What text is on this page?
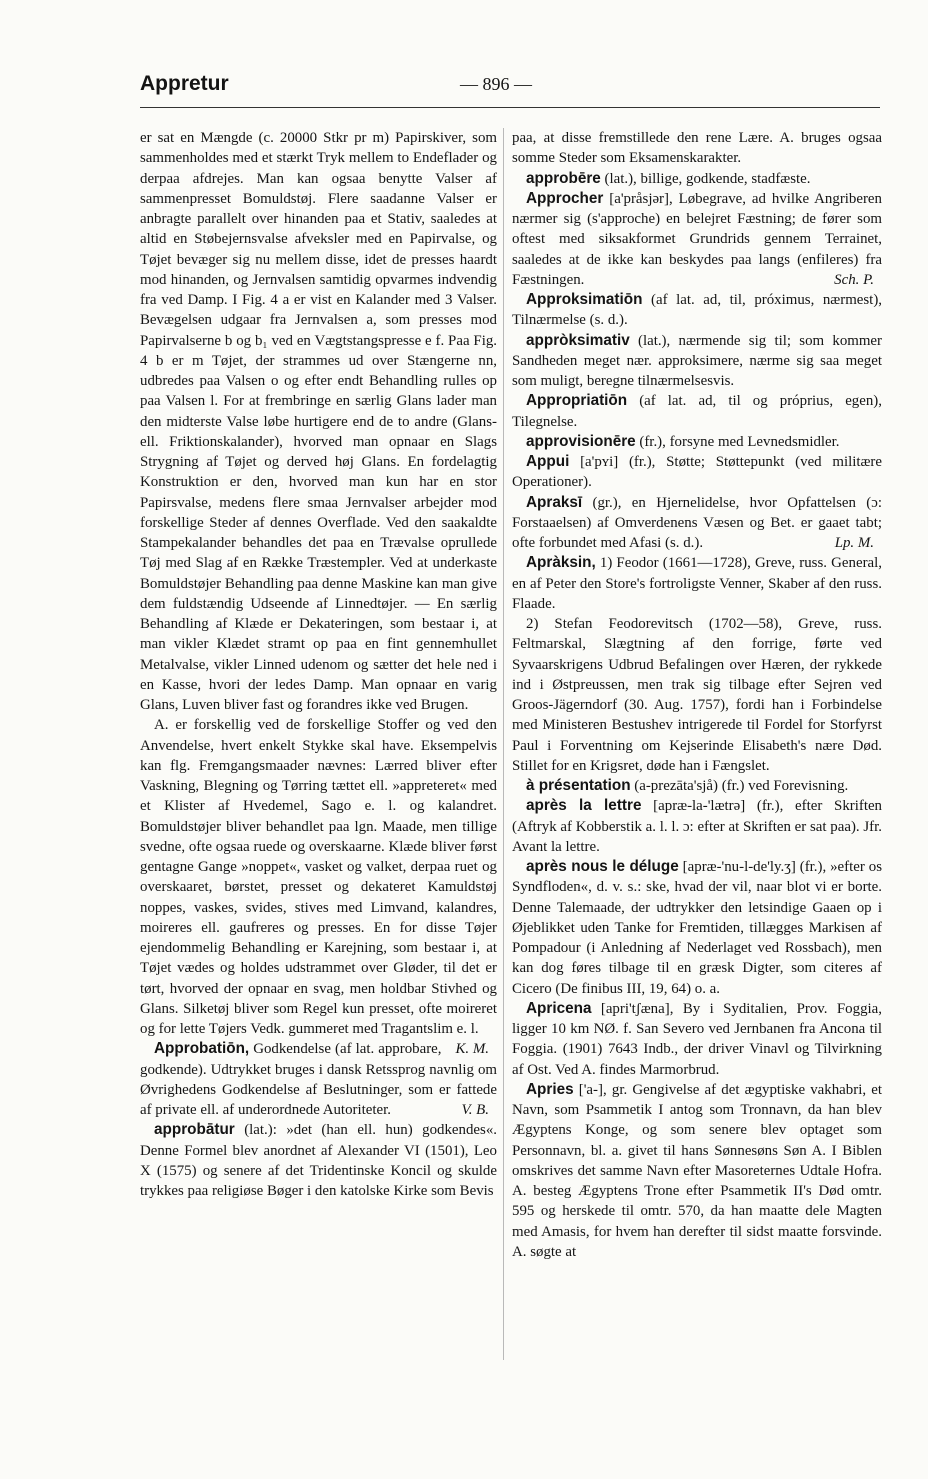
Appretur	— 896 —

er sat en Mængde (c. 20000 Stkr pr m) Papirskiver, som sammenholdes med et stærkt Tryk mellem to Endeflader og derpaa afdrejes. Man kan ogsaa benytte Valser af sammenpresset Bomuldstøj. Flere saadanne Valser er anbragte parallelt over hinanden paa et Stativ, saaledes at altid en Støbejernsvalse afveksler med en Papirvalse, og Tøjet bevæger sig nu mellem disse, idet de presses haardt mod hinanden, og Jernvalsen samtidig opvarmes indvendig fra ved Damp. I Fig. 4 a er vist en Kalander med 3 Valser. Bevægelsen udgaar fra Jernvalsen a, som presses mod Papirvalserne b og b₁ ved en Vægtstangspresse e f. Paa Fig. 4 b er m Tøjet, der strammes ud over Stængerne nn, udbredes paa Valsen o og efter endt Behandling rulles op paa Valsen l. For at frembringe en særlig Glans lader man den midterste Valse løbe hurtigere end de to andre (Glans- ell. Friktionskalander), hvorved man opnaar en Slags Strygning af Tøjet og derved høj Glans. En fordelagtig Konstruktion er den, hvorved man kun har en stor Papirsvalse, medens flere smaa Jernvalser arbejder mod forskellige Steder af dennes Overflade. Ved den saakaldte Stampekalander behandles det paa en Trævalse oprullede Tøj med Slag af en Række Træstempler. Ved at underkaste Bomuldstøjer Behandling paa denne Maskine kan man give dem fuldstændig Udseende af Linnedtøjer. — En særlig Behandling af Klæde er Dekateringen, som bestaar i, at man vikler Klædet stramt op paa en fint gennemhullet Metalvalse, vikler Linned udenom og sætter det hele ned i en Kasse, hvori der ledes Damp. Man opnaar en varig Glans, Luven bliver fast og forandres ikke ved Brugen.

A. er forskellig ved de forskellige Stoffer og ved den Anvendelse, hvert enkelt Stykke skal have. Eksempelvis kan flg. Fremgangsmaader nævnes: Lærred bliver efter Vaskning, Blegning og Tørring tættet ell. »appreteret« med et Klister af Hvedemel, Sago e. l. og kalandret. Bomuldstøjer bliver behandlet paa lgn. Maade, men tillige svedne, ofte ogsaa ruede og overskaarne. Klæde bliver først gentagne Gange »noppet«, vasket og valket, derpaa ruet og overskaaret, børstet, presset og dekateret Kamuldstøj noppes, vaskes, svides, stives med Limvand, kalandres, moireres ell. gaufreres og presses. En for disse Tøjer ejendommelig Behandling er Karejning, som bestaar i, at Tøjet vædes og holdes udstrammet over Gløder, til det er tørt, hvorved der opnaar en svag, men holdbar Stivhed og Glans. Silketøj bliver som Regel kun presset, ofte moireret og for lette Tøjers Vedk. gummeret med Tragantslim e. l.
K. M.

Approbatiōn, Godkendelse (af lat. approbare, godkende). Udtrykket bruges i dansk Retssprog navnlig om Øvrighedens Godkendelse af Beslutninger, som er fattede af private ell. af underordnede Autoriteter.	V. B.

approbātur (lat.): »det (han ell. hun) godkendes«. Denne Formel blev anordnet af Alexander VI (1501), Leo X (1575) og senere af det Tridentinske Koncil og skulde trykkes paa religiøse Bøger i den katolske Kirke som Bevis

paa, at disse fremstillede den rene Lære. A. bruges ogsaa somme Steder som Eksamenskarakter.

approbēre (lat.), billige, godkende, stadfæste.

Approcher [a'pråsjər], Løbegrave, ad hvilke Angriberen nærmer sig (s'approche) en belejret Fæstning; de fører som oftest med siksakformet Grundrids gennem Terrainet, saaledes at de ikke kan beskydes paa langs (enfileres) fra Fæstningen.	Sch. P.

Approksimatiōn (af lat. ad, til, próximus, nærmest), Tilnærmelse (s. d.).

appròksimativ (lat.), nærmende sig til; som kommer Sandheden meget nær. approksimere, nærme sig saa meget som muligt, beregne tilnærmelsesvis.

Appropriatiōn (af lat. ad, til og próprius, egen), Tilegnelse.

approvisionēre (fr.), forsyne med Levnedsmidler.

Appui [a'pʏi] (fr.), Støtte; Støttepunkt (ved militære Operationer).

Apraksī (gr.), en Hjernelidelse, hvor Opfattelsen (ɔ: Forstaaelsen) af Omverdenens Væsen og Bet. er gaaet tabt; ofte forbundet med Afasi (s. d.).	Lp. M.

Apràksin, 1) Feodor (1661—1728), Greve, russ. General, en af Peter den Store's fortroligste Venner, Skaber af den russ. Flaade.

2) Stefan Feodorevitsch (1702—58), Greve, russ. Feltmarskal, Slægtning af den forrige, førte ved Syvaarskrigens Udbrud Befalingen over Hæren, der rykkede ind i Østpreussen, men trak sig tilbage efter Sejren ved Groos-Jägerndorf (30. Aug. 1757), fordi han i Forbindelse med Ministeren Bestushev intrigerede til Fordel for Storfyrst Paul i Forventning om Kejserinde Elisabeth's nære Død. Stillet for en Krigsret, døde han i Fængslet.

à présentation (a-prezāta'sjå) (fr.) ved Forevisning.

après la lettre [apræ-la-'lætrə] (fr.), efter Skriften (Aftryk af Kobberstik a. l. l. ɔ: efter at Skriften er sat paa). Jfr. Avant la lettre.

après nous le déluge [apræ-'nu-l-de'ly.ʒ] (fr.), »efter os Syndfloden«, d. v. s.: ske, hvad der vil, naar blot vi er borte. Denne Talemaade, der udtrykker den letsindige Gaaen op i Øjeblikket uden Tanke for Fremtiden, tillægges Markisen af Pompadour (i Anledning af Nederlaget ved Rossbach), men kan dog føres tilbage til en græsk Digter, som citeres af Cicero (De finibus III, 19, 64) o. a.

Apricena [apri'tʃæna], By i Syditalien, Prov. Foggia, ligger 10 km NØ. f. San Severo ved Jernbanen fra Ancona til Foggia. (1901) 7643 Indb., der driver Vinavl og Tilvirkning af Ost. Ved A. findes Marmorbrud.

Apries ['a-], gr. Gengivelse af det ægyptiske vakhabri, et Navn, som Psammetik I antog som Tronnavn, da han blev Ægyptens Konge, og som senere blev optaget som Personnavn, bl. a. givet til hans Sønnesøns Søn A. I Biblen omskrives det samme Navn efter Masoreternes Udtale Hofra. A. besteg Ægyptens Trone efter Psammetik II's Død omtr. 595 og herskede til omtr. 570, da han maatte dele Magten med Amasis, for hvem han derefter til sidst maatte forsvinde. A. søgte at
